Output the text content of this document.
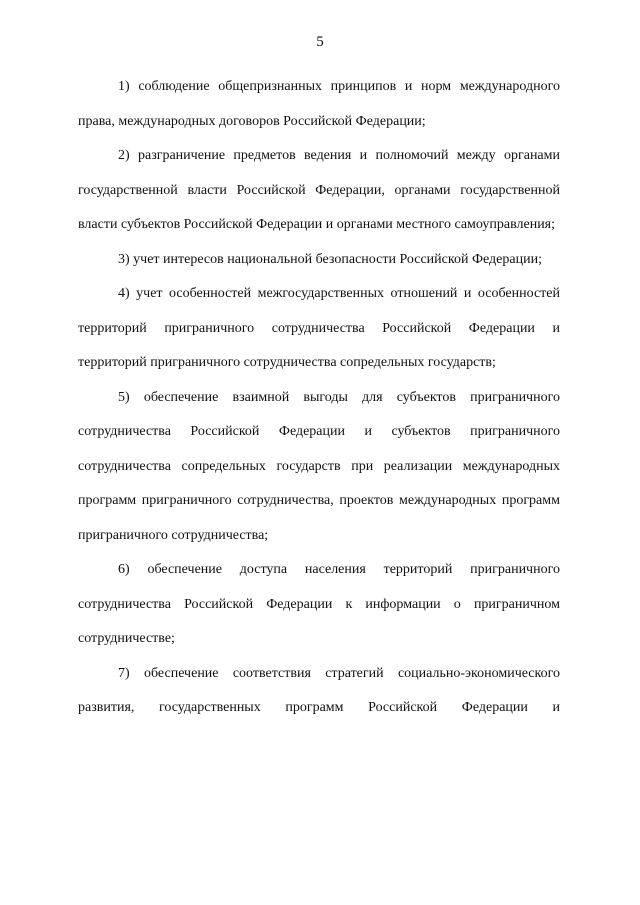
5

1) соблюдение общепризнанных принципов и норм международного права, международных договоров Российской Федерации;

2) разграничение предметов ведения и полномочий между органами государственной власти Российской Федерации, органами государственной власти субъектов Российской Федерации и органами местного самоуправления;

3) учет интересов национальной безопасности Российской Федерации;

4) учет особенностей межгосударственных отношений и особенностей территорий приграничного сотрудничества Российской Федерации и территорий приграничного сотрудничества сопредельных государств;

5) обеспечение взаимной выгоды для субъектов приграничного сотрудничества Российской Федерации и субъектов приграничного сотрудничества сопредельных государств при реализации международных программ приграничного сотрудничества, проектов международных программ приграничного сотрудничества;

6) обеспечение доступа населения территорий приграничного сотрудничества Российской Федерации к информации о приграничном сотрудничестве;

7) обеспечение соответствия стратегий социально-экономического развития, государственных программ Российской Федерации и
